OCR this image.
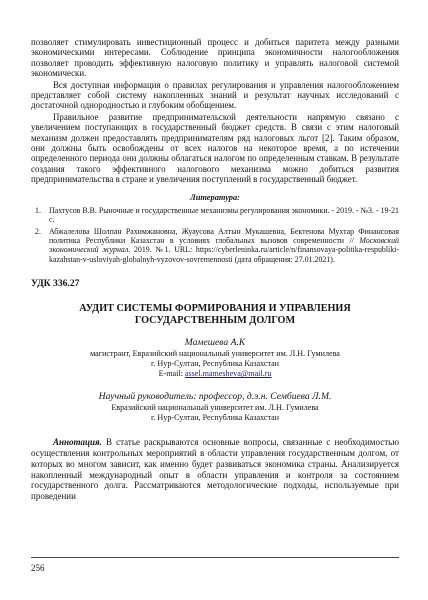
позволяет стимулировать инвестиционный процесс и добиться паритета между разными экономическими интересами. Соблюдение принципа экономичности налогообложения позволяет проводить эффективную налоговую политику и управлять налоговой системой экономически.

Вся доступная информация о правилах регулирования и управления налогообложением представляет собой систему накопленных знаний и результат научных исследований с достаточной однородностью и глубоким обобщением.

Правильное развитие предпринимательской деятельности напрямую связано с увеличением поступающих в государственный бюджет средств. В связи с этим налоговый механизм должен предоставлять предпринимателям ряд налоговых льгот [2]. Таким образом, они должны быть освобождены от всех налогов на некоторое время, а по истечении определенного периода они должны облагаться налогом по определенным ставкам. В результате создания такого эффективного налогового механизма можно добиться развития предпринимательства в стране и увеличения поступлений в государственный бюджет.

Литература:
1. Пахтусов В.В. Рыночные и государственные механизмы регулирования экономики. - 2019. - №3. - 19-21 с.
2. Абжалелова Шолпан Рахимжановна, Жуаусова Алтын Мукашевна, Бектенова Мухтар Финансовая политика Республики Казахстан в условиях глобальных вызовов современности // Московский экономический журнал. 2019. №1. URL: https://cyberleninka.ru/article/n/finansovaya-politika-respubliki-kazahstan-v-usloviyah-globalnyh-vyzovov-sovremennosti (дата обращения: 27.01.2021).
УДК 336.27
АУДИТ СИСТЕМЫ ФОРМИРОВАНИЯ И УПРАВЛЕНИЯ
ГОСУДАРСТВЕННЫМ ДОЛГОМ
Мамешева А.К
магистрант, Евразийский национальный университет им. Л.Н. Гумилева
г. Нур-Султан, Республика Казахстан
E-mail: assel.mamesheva@mail.ru
Научный руководитель: профессор, д.э.н. Сембиева Л.М.
Евразийский национальный университет им. Л.Н. Гумилева
г. Нур-Султан, Республика Казахстан

Аннотация. В статье раскрываются основные вопросы, связанные с необходимостью осуществления контрольных мероприятий в области управления государственным долгом, от которых во многом зависит, как именно будет развиваться экономика страны. Анализируется накопленный международный опыт в области управления и контроля за состоянием государственного долга. Рассматриваются методологические подходы, используемые при проведении

256
